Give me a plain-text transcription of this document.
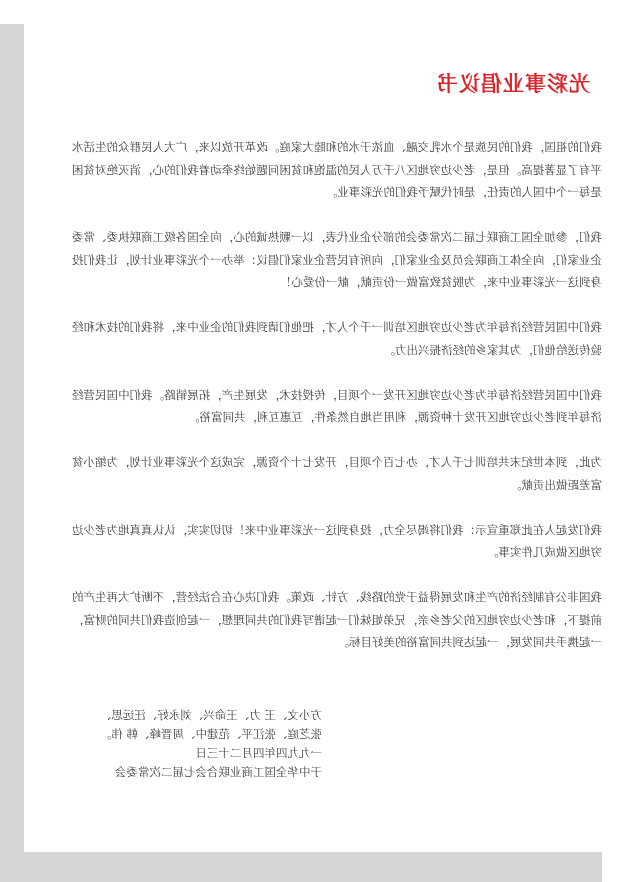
光彩事业倡议书

我们的祖国，我们的民族是个水乳交融、血浓于水的和睦大家庭。改革开放以来，广大人民群众的生活水平有了显著提高。但是，老少边穷地区八千万人民的温饱和贫困问题始终牵动着我们的心，消灭绝对贫困是每一个中国人的责任，是时代赋予我们的光彩事业。

我们，参加全国工商联七届二次常委会的部分企业代表，以一颗热诚的心，向全国各级工商联执委、常委企业家们，向全体工商联会员及企业家们，向所有民营企业家们倡议：举办一个光彩事业计划，让我们投身到这一光彩事业中来，为脱贫致富做一份贡献，献一份爱心！

我们中国民营经济每年为老少边穷地区培训一千个人才，把他们请到我们的企业中来，将我们的技术和经验传送给他们，为其家乡的经济振兴出力。

我们中国民营经济每年为老少边穷地区开发一个项目，传授技术，发展生产，拓展销路。我们中国民营经济每年到老少边穷地区开发十种资源，利用当地自然条件，互惠互利，共同富裕。

为此，到本世纪末共培训七千人才，办七百个项目，开发七十个资源，完成这个光彩事业计划，为缩小贫富差距做出贡献。

我们发起人在此郑重宣示：我们将竭尽全力，投身到这一光彩事业中来！切切实实，认认真真地为老少边穷地区做成几件实事。

我国非公有制经济的产生和发展得益于党的路线、方针、政策。我们决心在合法经营，不断扩大再生产的前提下，和老少边穷地区的父老乡亲，兄弟姐妹们一起谱写我们的共同理想，一起创造我们共同的财富，一起携手共同发展，一起达到共同富裕的美好目标。

方小文、王 力、王命兴、刘永好、汪远思、
张芝庭、张江平、范建中、周晋峰、韩 伟。
一九九四年四月二十三日
于中华全国工商业联合会七届二次常委会
